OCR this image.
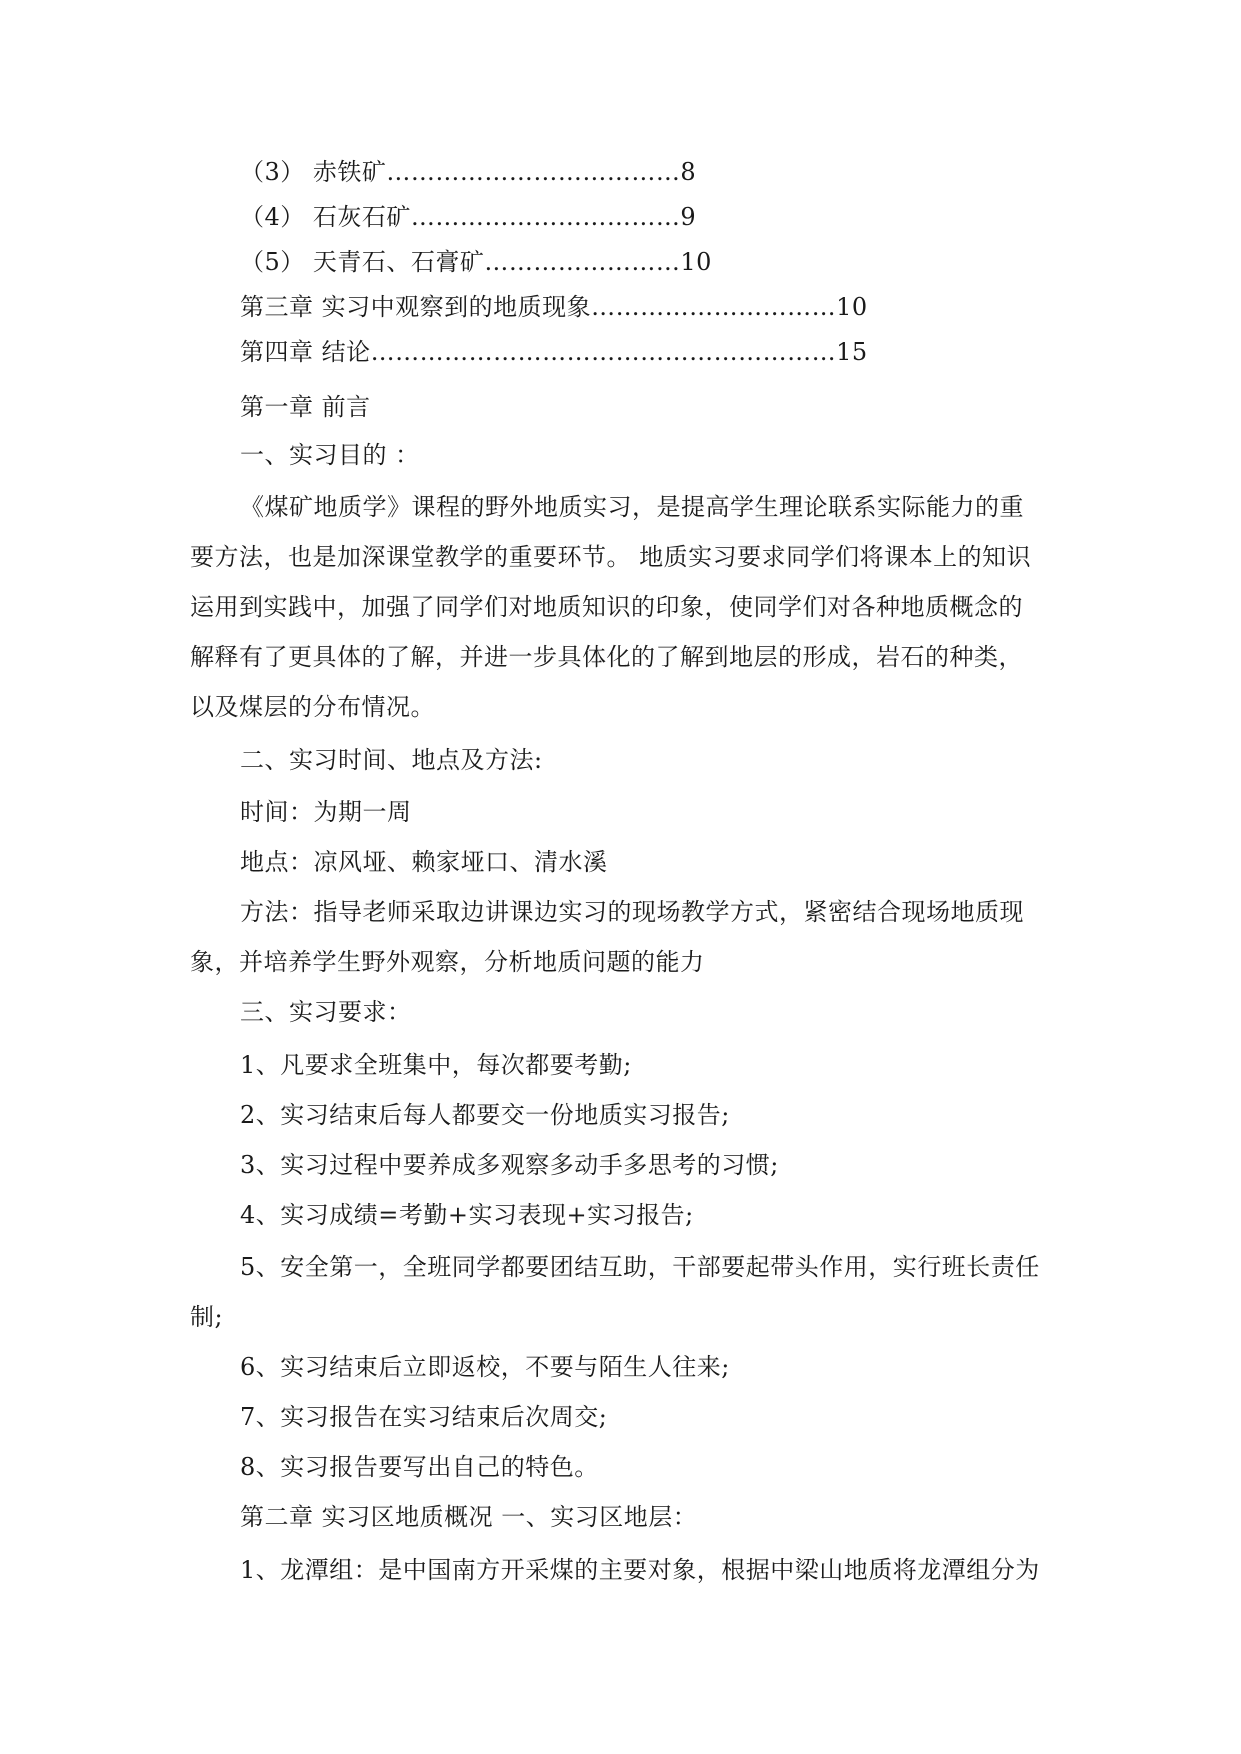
（3） 赤铁矿………………………………8
（4） 石灰石矿……………………………9
（5） 天青石、石膏矿……………………10
第三章 实习中观察到的地质现象…………………………10
第四章 结论…………………………………………………15
第一章 前言
一、实习目的 ：
《煤矿地质学》课程的野外地质实习，是提高学生理论联系实际能力的重
要方法，也是加深课堂教学的重要环节。 地质实习要求同学们将课本上的知识
运用到实践中，加强了同学们对地质知识的印象，使同学们对各种地质概念的
解释有了更具体的了解，并进一步具体化的了解到地层的形成，岩石的种类，
以及煤层的分布情况。
二、实习时间、地点及方法:
时间：为期一周
地点：凉风垭、赖家垭口、清水溪
方法：指导老师采取边讲课边实习的现场教学方式，紧密结合现场地质现
象，并培养学生野外观察，分析地质问题的能力
三、实习要求：
1、凡要求全班集中，每次都要考勤;
2、实习结束后每人都要交一份地质实习报告;
3、实习过程中要养成多观察多动手多思考的习惯;
4、实习成绩=考勤+实习表现+实习报告;
5、安全第一，全班同学都要团结互助，干部要起带头作用，实行班长责任
制;
6、实习结束后立即返校，不要与陌生人往来;
7、实习报告在实习结束后次周交;
8、实习报告要写出自己的特色。
第二章 实习区地质概况 一、实习区地层：
1、龙潭组：是中国南方开采煤的主要对象，根据中梁山地质将龙潭组分为
